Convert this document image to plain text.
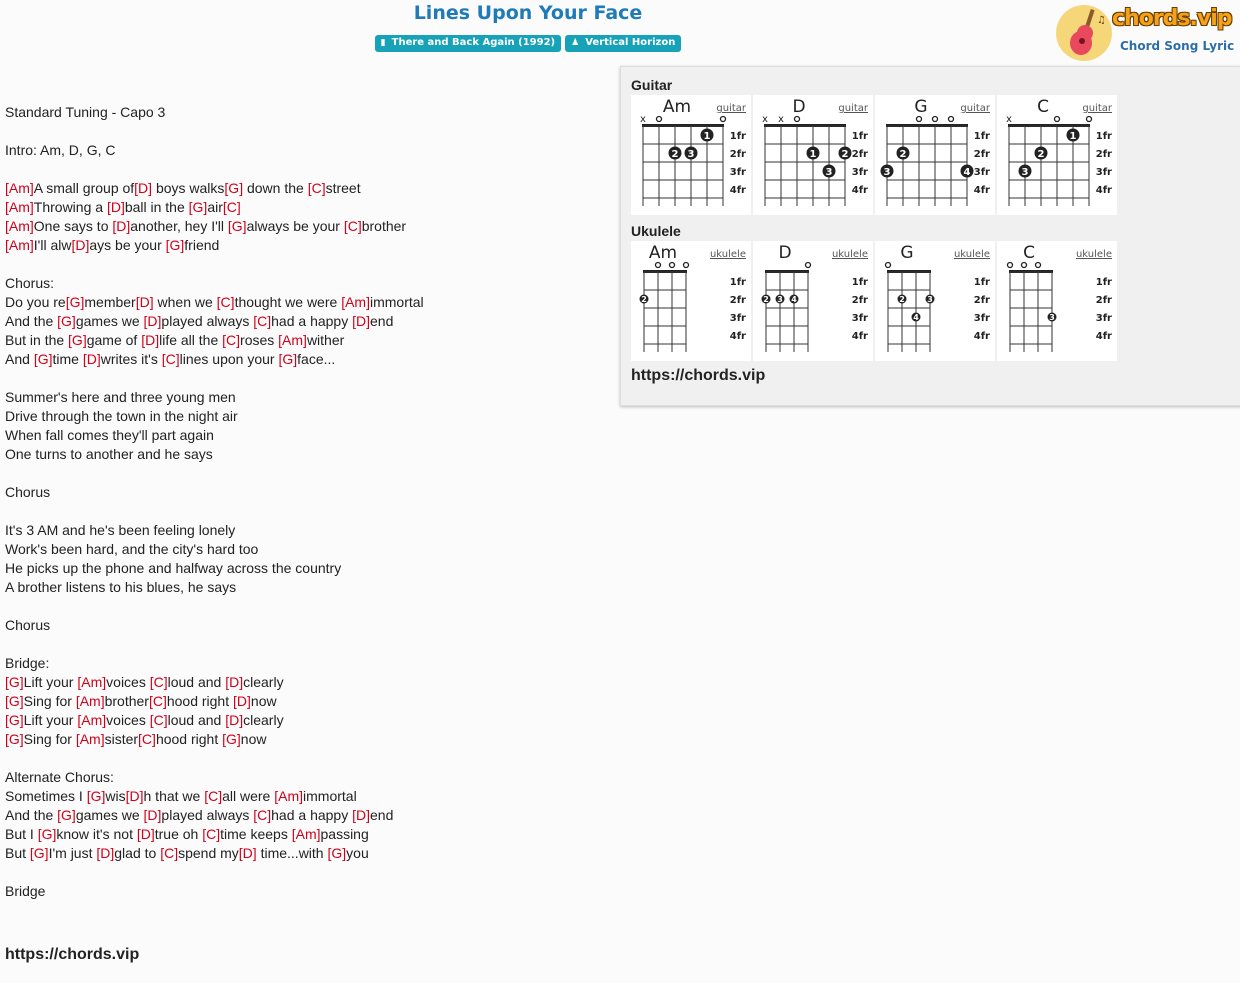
Lines Upon Your Face
▮ There and Back Again (1992) ♟ Vertical Horizon
♫ chords.vip
Chord Song Lyric

Standard Tuning - Capo 3
Intro: Am, D, G, C
[Am]A small group of[D] boys walks[G] down the [C]street
[Am]Throwing a [D]ball in the [G]air[C]
[Am]One says to [D]another, hey I'll [G]always be your [C]brother
[Am]I'll alw[D]ays be your [G]friend
Chorus:
Do you re[G]member[D] when we [C]thought we were [Am]immortal
And the [G]games we [D]played always [C]had a happy [D]end
But in the [G]game of [D]life all the [C]roses [Am]wither
And [G]time [D]writes it's [C]lines upon your [G]face...
Summer's here and three young men
Drive through the town in the night air
When fall comes they'll part again
One turns to another and he says
Chorus
It's 3 AM and he's been feeling lonely
Work's been hard, and the city's hard too
He picks up the phone and halfway across the country
A brother listens to his blues, he says
Chorus
Bridge:
[G]Lift your [Am]voices [C]loud and [D]clearly
[G]Sing for [Am]brother[C]hood right [D]now
[G]Lift your [Am]voices [C]loud and [D]clearly
[G]Sing for [Am]sister[C]hood right [G]now
Alternate Chorus:
Sometimes I [G]wis[D]h that we [C]all were [Am]immortal
And the [G]games we [D]played always [C]had a happy [D]end
But I [G]know it's not [D]true oh [C]time keeps [Am]passing
But [G]I'm just [D]glad to [C]spend my[D] time...with [G]you
Bridge

https://chords.vip

Guitar
Am	guitar
x
1fr
2fr
3fr
4fr
1
2 3
D	guitar
x x
1fr
2fr
3fr
4fr
1	2
3
G	guitar
1fr
2fr
3fr
4fr
2
3	4
C	guitar
x
1fr
2fr
3fr
4fr
1
2
3
Ukulele
Am	ukulele
1fr
2fr
3fr
4fr
2
D	ukulele
1fr
2fr
3fr
4fr
2 3 4
G	ukulele
1fr
2fr
3fr
4fr
2	3
4
C	ukulele
1fr
2fr
3fr
4fr
3
https://chords.vip
